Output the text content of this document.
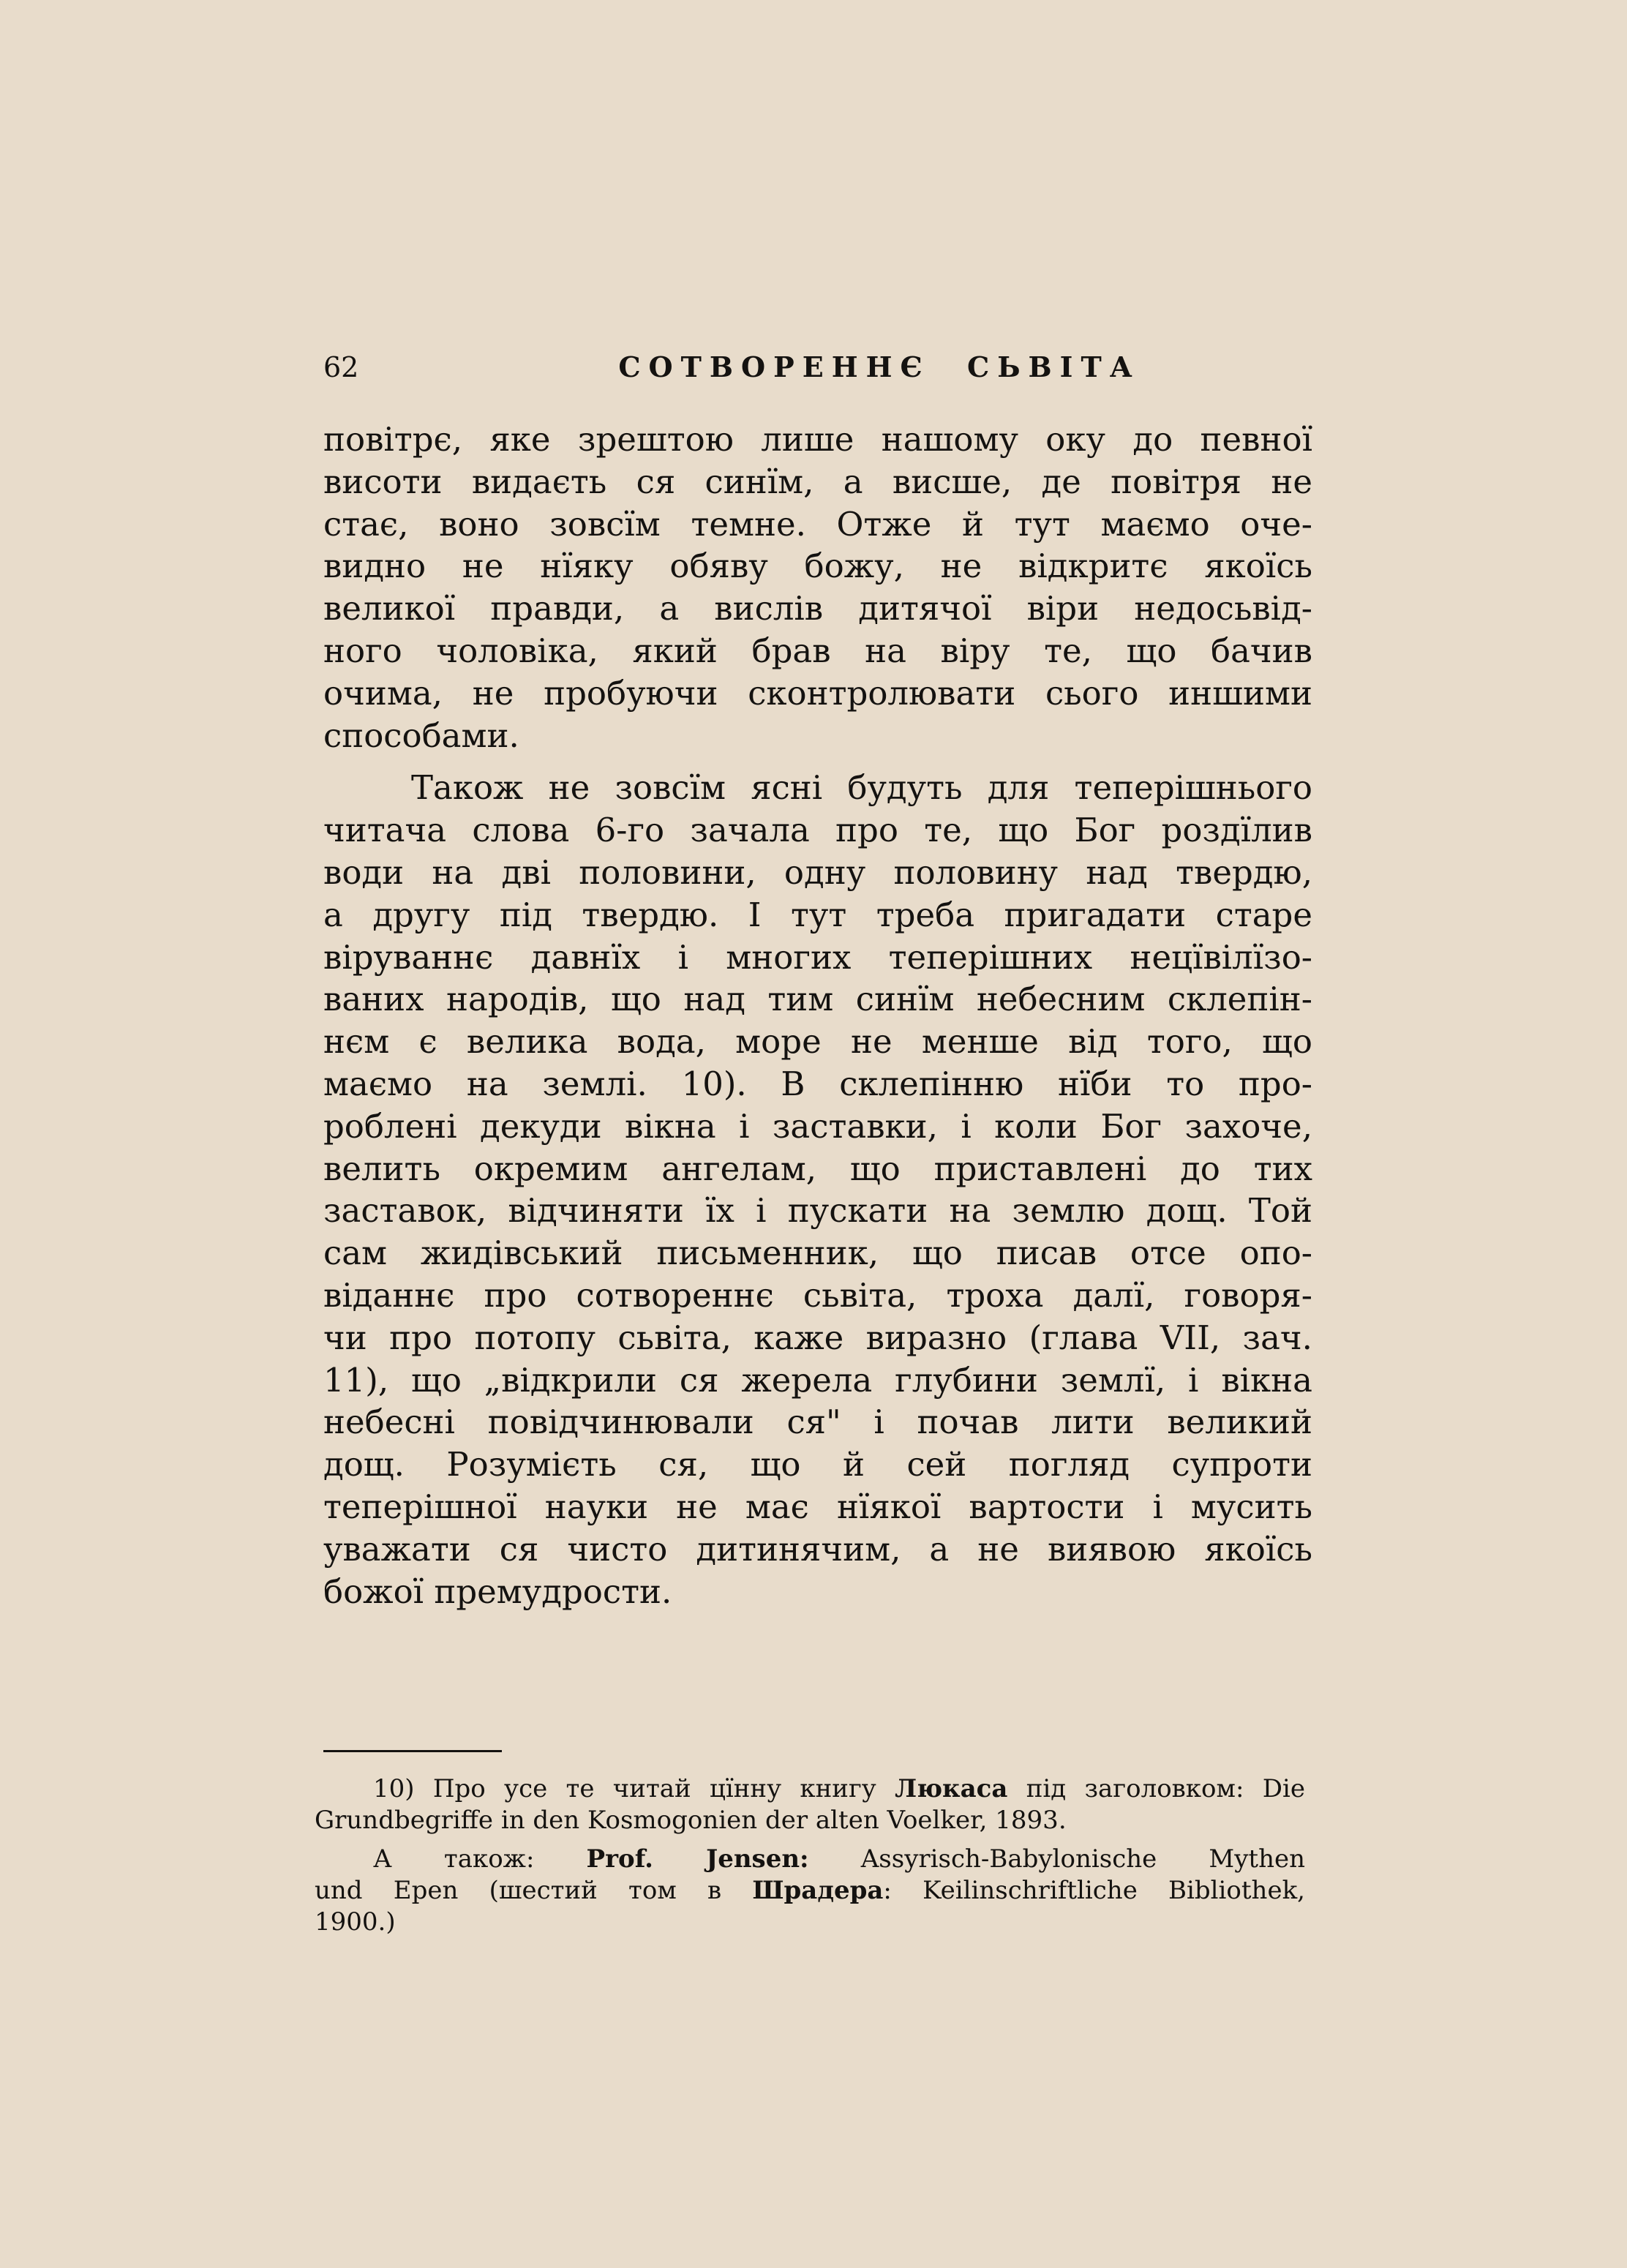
62	СОТВОРЕННЄ СЬВІТА
повітрє, яке зрештою лише нашому оку до певної
висоти видаєть ся синїм, а висше, де повітря не
стає, воно зовсїм темне. Отже й тут маємо оче-
видно не нїяку обяву божу, не відкритє якоїсь
великої правди, а вислів дитячої віри недосьвід-
ного чоловіка, який брав на віру те, що бачив
очима, не пробуючи сконтролювати сього иншими
способами.
Також не зовсїм ясні будуть для теперішнього
читача слова 6-го зачала про те, що Бог роздїлив
води на дві половини, одну половину над твердю,
а другу під твердю. І тут треба пригадати старе
віруваннє давнїх і многих теперішних нецївілїзо-
ваних народів, що над тим синїм небесним склепін-
нєм є велика вода, море не менше від того, що
маємо на землі. 10). В склепінню нїби то про-
роблені декуди вікна і заставки, і коли Бог захоче,
велить окремим ангелам, що приставлені до тих
заставок, відчиняти їх і пускати на землю дощ. Той
сам жидівський письменник, що писав отсе опо-
віданнє про сотвореннє сьвіта, троха далї, говоря-
чи про потопу сьвіта, каже виразно (глава VII, зач.
11), що „відкрили ся жерела глубини землї, і вікна
небесні повідчинювали ся" і почав лити великий
дощ. Розумієть ся, що й сей погляд супроти
теперішної науки не має нїякої вартости і мусить
уважати ся чисто дитинячим, а не виявою якоїсь
божої премудрости.
10) Про усе те читай цїнну книгу Люкаса під заголовком: Die
Grundbegriffe in den Kosmogonien der alten Voelker, 1893.
А також: Prof. Jensen: Assyrisch-Babylonische Mythen
und Epen (шестий том в Шрадера: Keilinschriftliche Bibliothek,
1900.)
